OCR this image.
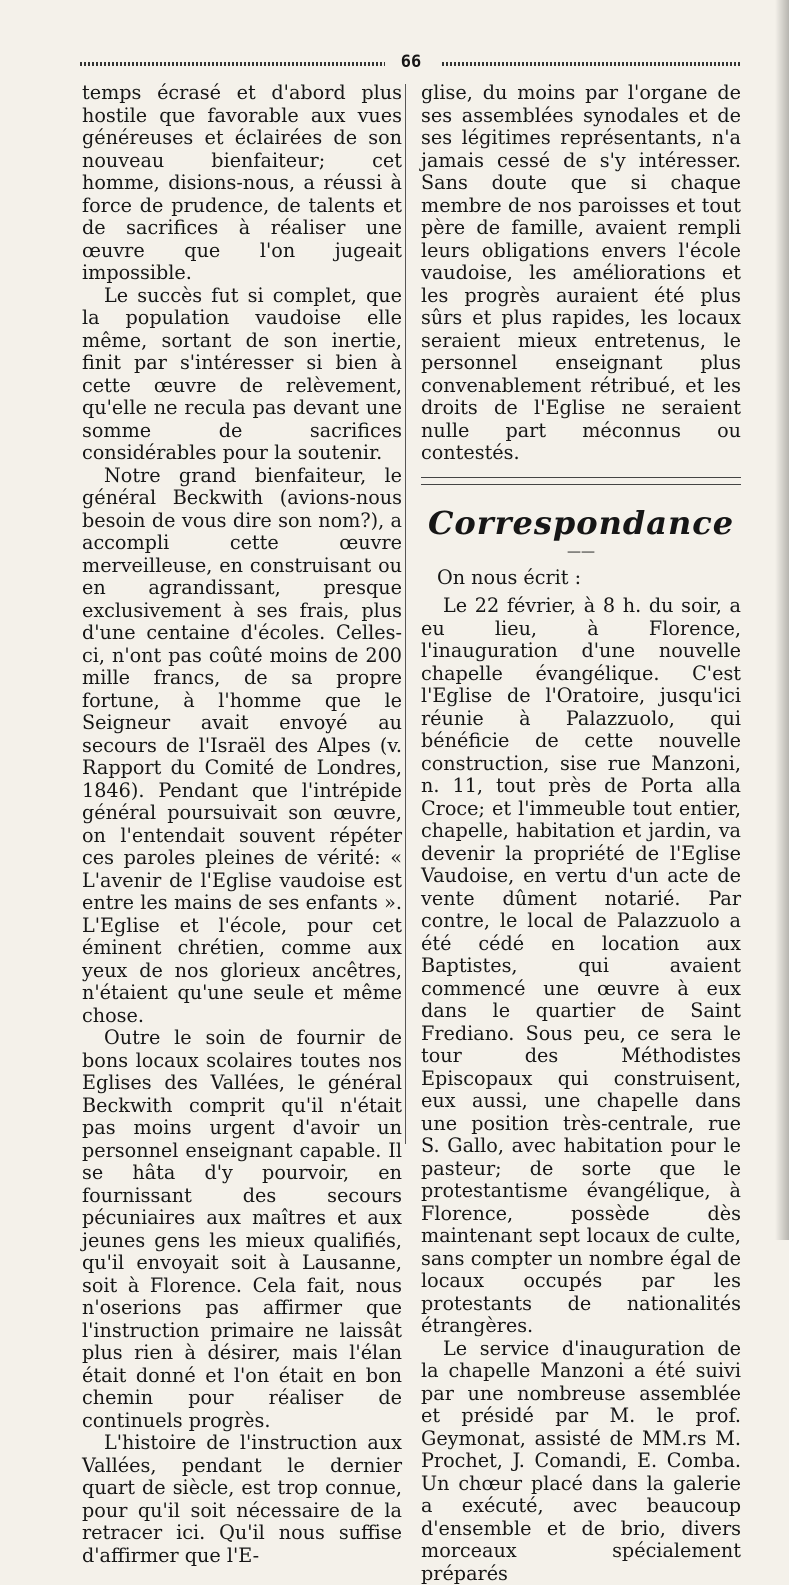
66

temps écrasé et d'abord plus hostile que favorable aux vues généreuses et éclairées de son nouveau bienfaiteur; cet homme, disions-nous, a réussi à force de prudence, de talents et de sacrifices à réaliser une œuvre que l'on jugeait impossible.

Le succès fut si complet, que la population vaudoise elle même, sortant de son inertie, finit par s'intéresser si bien à cette œuvre de relèvement, qu'elle ne recula pas devant une somme de sacrifices considérables pour la soutenir.

Notre grand bienfaiteur, le général Beckwith (avions-nous besoin de vous dire son nom?), a accompli cette œuvre merveilleuse, en construisant ou en agrandissant, presque exclusivement à ses frais, plus d'une centaine d'écoles. Celles-ci, n'ont pas coûté moins de 200 mille francs, de sa propre fortune, à l'homme que le Seigneur avait envoyé au secours de l'Israël des Alpes (v. Rapport du Comité de Londres, 1846). Pendant que l'intrépide général poursuivait son œuvre, on l'entendait souvent répéter ces paroles pleines de vérité: « L'avenir de l'Eglise vaudoise est entre les mains de ses enfants ». L'Eglise et l'école, pour cet éminent chrétien, comme aux yeux de nos glorieux ancêtres, n'étaient qu'une seule et même chose.

Outre le soin de fournir de bons locaux scolaires toutes nos Eglises des Vallées, le général Beckwith comprit qu'il n'était pas moins urgent d'avoir un personnel enseignant capable. Il se hâta d'y pourvoir, en fournissant des secours pécuniaires aux maîtres et aux jeunes gens les mieux qualifiés, qu'il envoyait soit à Lausanne, soit à Florence. Cela fait, nous n'oserions pas affirmer que l'instruction primaire ne laissât plus rien à désirer, mais l'élan était donné et l'on était en bon chemin pour réaliser de continuels progrès.

L'histoire de l'instruction aux Vallées, pendant le dernier quart de siècle, est trop connue, pour qu'il soit nécessaire de la retracer ici. Qu'il nous suffise d'affirmer que l'E-

glise, du moins par l'organe de ses assemblées synodales et de ses légitimes représentants, n'a jamais cessé de s'y intéresser. Sans doute que si chaque membre de nos paroisses et tout père de famille, avaient rempli leurs obligations envers l'école vaudoise, les améliorations et les progrès auraient été plus sûrs et plus rapides, les locaux seraient mieux entretenus, le personnel enseignant plus convenablement rétribué, et les droits de l'Eglise ne seraient nulle part méconnus ou contestés.

Correspondance
——

On nous écrit :

Le 22 février, à 8 h. du soir, a eu lieu, à Florence, l'inauguration d'une nouvelle chapelle évangélique. C'est l'Eglise de l'Oratoire, jusqu'ici réunie à Palazzuolo, qui bénéficie de cette nouvelle construction, sise rue Manzoni, n. 11, tout près de Porta alla Croce; et l'immeuble tout entier, chapelle, habitation et jardin, va devenir la propriété de l'Eglise Vaudoise, en vertu d'un acte de vente dûment notarié. Par contre, le local de Palazzuolo a été cédé en location aux Baptistes, qui avaient commencé une œuvre à eux dans le quartier de Saint Frediano. Sous peu, ce sera le tour des Méthodistes Episcopaux qui construisent, eux aussi, une chapelle dans une position très-centrale, rue S. Gallo, avec habitation pour le pasteur; de sorte que le protestantisme évangélique, à Florence, possède dès maintenant sept locaux de culte, sans compter un nombre égal de locaux occupés par les protestants de nationalités étrangères.

Le service d'inauguration de la chapelle Manzoni a été suivi par une nombreuse assemblée et présidé par M. le prof. Geymonat, assisté de MM.rs M. Prochet, J. Comandi, E. Comba. Un chœur placé dans la galerie a exécuté, avec beaucoup d'ensemble et de brio, divers morceaux spécialement préparés
